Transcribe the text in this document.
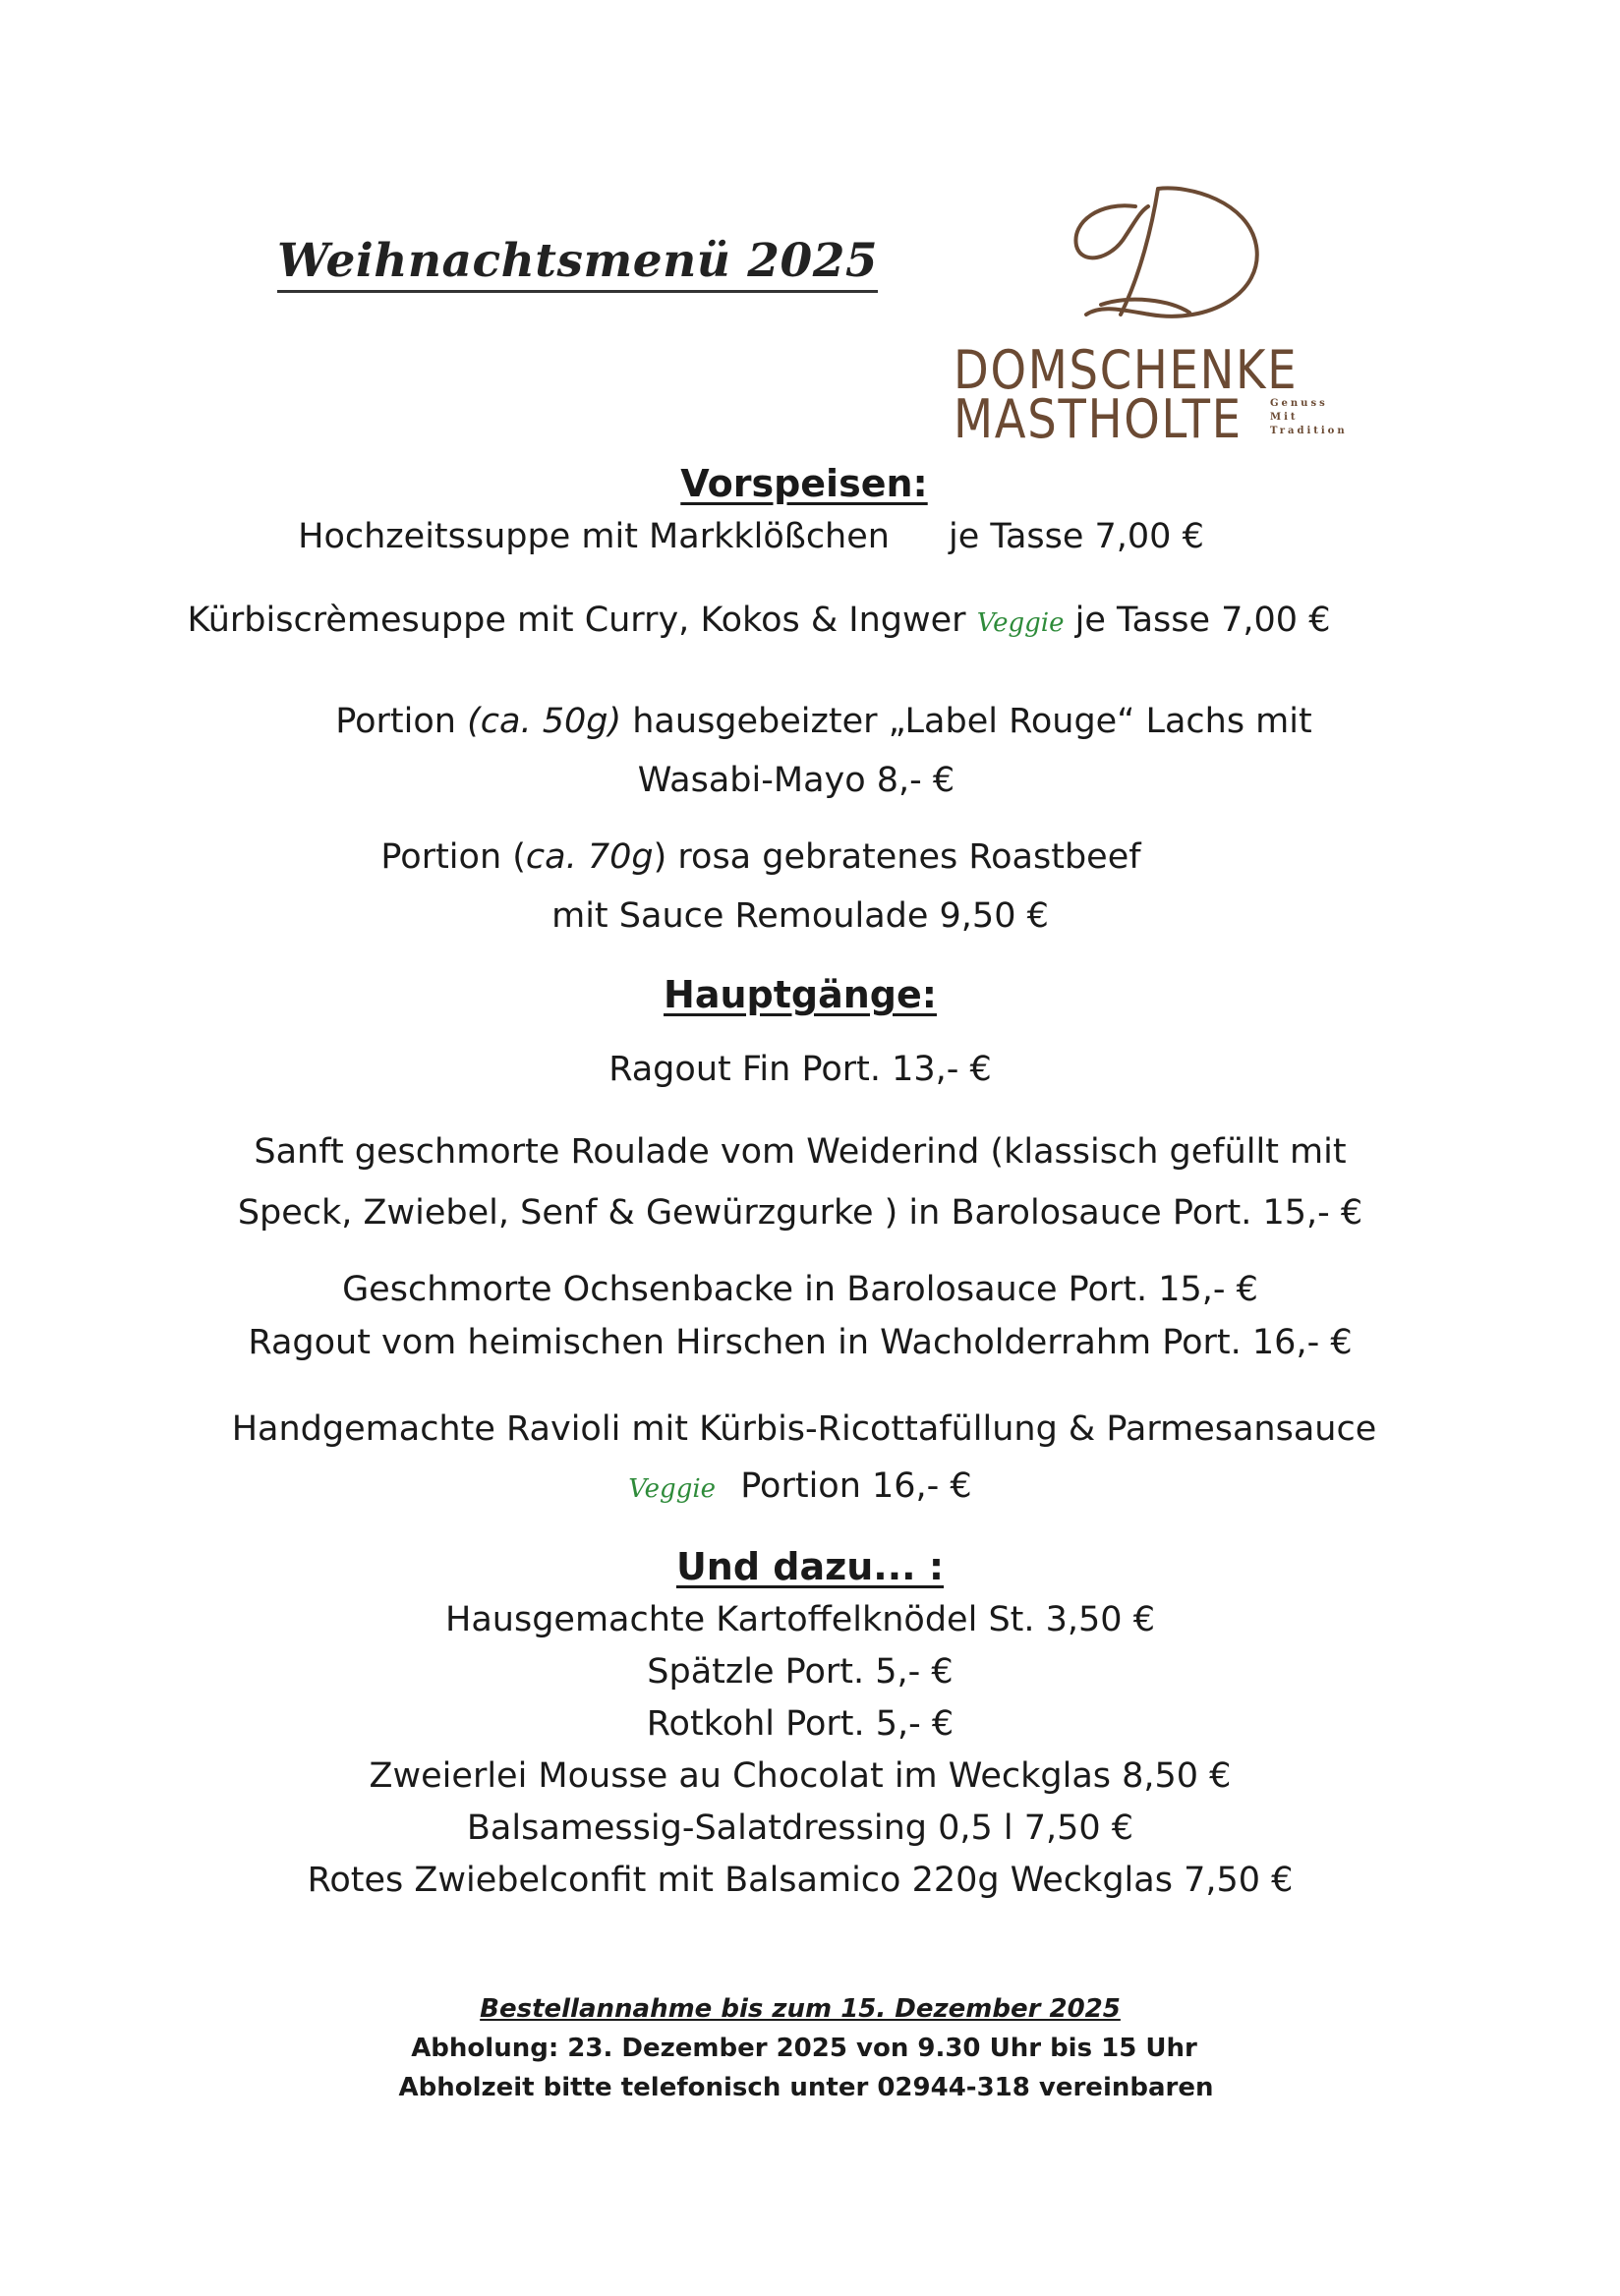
Weihnachtsmenü 2025
DOMSCHENKE
MASTHOLTE	Genuss
Mit
Tradition
Vorspeisen:
Hochzeitssuppe mit Markklößchen je Tasse 7,00 €
Kürbiscrèmesuppe mit Curry, Kokos & Ingwer Veggie je Tasse 7,00 €
Portion (ca. 50g) hausgebeizter „Label Rouge“ Lachs mit
Wasabi-Mayo 8,- €
Portion (ca. 70g) rosa gebratenes Roastbeef
mit Sauce Remoulade 9,50 €
Hauptgänge:
Ragout Fin Port. 13,- €
Sanft geschmorte Roulade vom Weiderind (klassisch gefüllt mit
Speck, Zwiebel, Senf & Gewürzgurke ) in Barolosauce Port. 15,- €
Geschmorte Ochsenbacke in Barolosauce Port. 15,- €
Ragout vom heimischen Hirschen in Wacholderrahm Port. 16,- €
Handgemachte Ravioli mit Kürbis-Ricottafüllung & Parmesansauce
Veggie Portion 16,- €
Und dazu... :
Hausgemachte Kartoffelknödel St. 3,50 €
Spätzle Port. 5,- €
Rotkohl Port. 5,- €
Zweierlei Mousse au Chocolat im Weckglas 8,50 €
Balsamessig-Salatdressing 0,5 l 7,50 €
Rotes Zwiebelconfit mit Balsamico 220g Weckglas 7,50 €
Bestellannahme bis zum 15. Dezember 2025
Abholung: 23. Dezember 2025 von 9.30 Uhr bis 15 Uhr
Abholzeit bitte telefonisch unter 02944-318 vereinbaren
